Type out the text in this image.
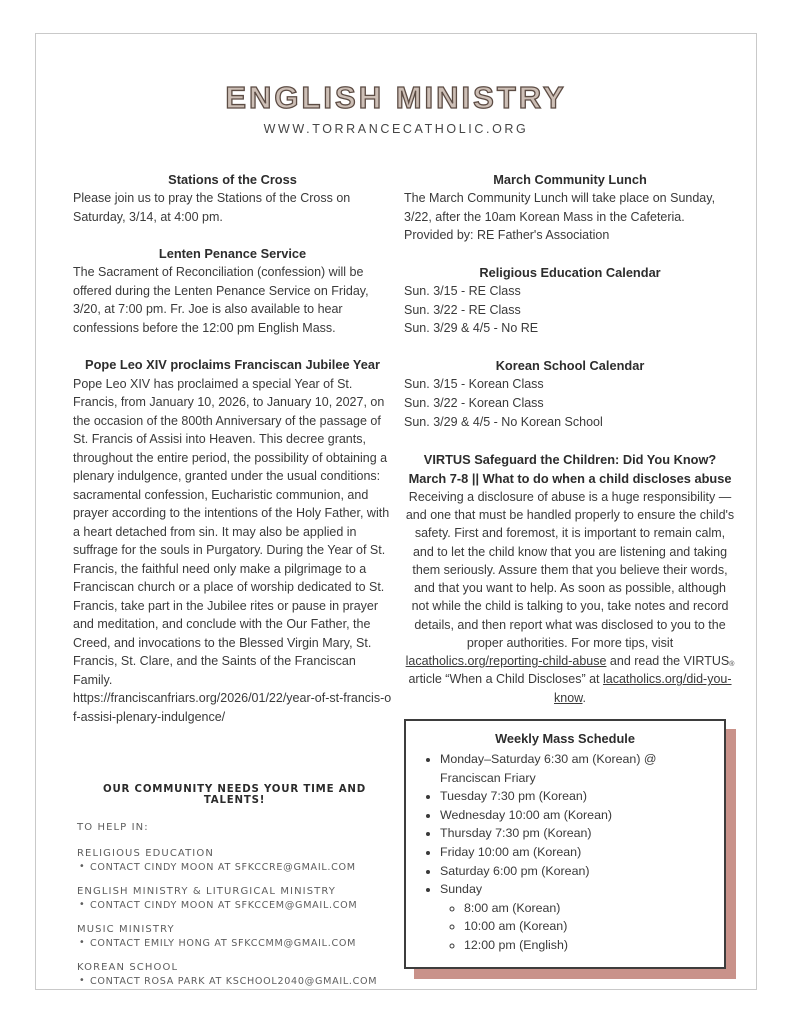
ENGLISH MINISTRY
WWW.TORRANCECATHOLIC.ORG
Stations of the Cross

Please join us to pray the Stations of the Cross on Saturday, 3/14, at 4:00 pm.

Lenten Penance Service

The Sacrament of Reconciliation (confession) will be offered during the Lenten Penance Service on Friday, 3/20, at 7:00 pm. Fr. Joe is also available to hear confessions before the 12:00 pm English Mass.

Pope Leo XIV proclaims Franciscan Jubilee Year

Pope Leo XIV has proclaimed a special Year of St. Francis, from January 10, 2026, to January 10, 2027, on the occasion of the 800th Anniversary of the passage of St. Francis of Assisi into Heaven. This decree grants, throughout the entire period, the possibility of obtaining a plenary indulgence, granted under the usual conditions: sacramental confession, Eucharistic communion, and prayer according to the intentions of the Holy Father, with a heart detached from sin. It may also be applied in suffrage for the souls in Purgatory. During the Year of St. Francis, the faithful need only make a pilgrimage to a Franciscan church or a place of worship dedicated to St. Francis, take part in the Jubilee rites or pause in prayer and meditation, and conclude with the Our Father, the Creed, and invocations to the Blessed Virgin Mary, St. Francis, St. Clare, and the Saints of the Franciscan Family.

https://franciscanfriars.org/2026/01/22/year-of-st-francis-of-assisi-plenary-indulgence/

OUR COMMUNITY NEEDS YOUR TIME AND TALENTS!
TO HELP IN:
RELIGIOUS EDUCATION
• CONTACT CINDY MOON AT SFKCCRE@GMAIL.COM
ENGLISH MINISTRY & LITURGICAL MINISTRY
• CONTACT CINDY MOON AT SFKCCEM@GMAIL.COM
MUSIC MINISTRY
• CONTACT EMILY HONG AT SFKCCMM@GMAIL.COM
KOREAN SCHOOL
• CONTACT ROSA PARK AT KSCHOOL2040@GMAIL.COM
March Community Lunch

The March Community Lunch will take place on Sunday, 3/22, after the 10am Korean Mass in the Cafeteria.

Provided by: RE Father's Association

Religious Education Calendar
Sun. 3/15 - RE Class
Sun. 3/22 - RE Class
Sun. 3/29 & 4/5 - No RE
Korean School Calendar
Sun. 3/15 - Korean Class
Sun. 3/22 - Korean Class
Sun. 3/29 & 4/5 - No Korean School
VIRTUS Safeguard the Children: Did You Know? March 7-8 || What to do when a child discloses abuse

Receiving a disclosure of abuse is a huge responsibility — and one that must be handled properly to ensure the child's safety. First and foremost, it is important to remain calm, and to let the child know that you are listening and taking them seriously. Assure them that you believe their words, and that you want to help. As soon as possible, although not while the child is talking to you, take notes and record details, and then report what was disclosed to you to the proper authorities. For more tips, visit lacatholics.org/reporting-child-abuse and read the VIRTUS® article “When a Child Discloses” at lacatholics.org/did-you-know.

Weekly Mass Schedule
• Monday–Saturday 6:30 am (Korean) @ Franciscan Friary
• Tuesday 7:30 pm (Korean)
• Wednesday 10:00 am (Korean)
• Thursday 7:30 pm (Korean)
• Friday 10:00 am (Korean)
• Saturday 6:00 pm (Korean)
• Sunday
◦ 8:00 am (Korean)
◦ 10:00 am (Korean)
◦ 12:00 pm (English)
